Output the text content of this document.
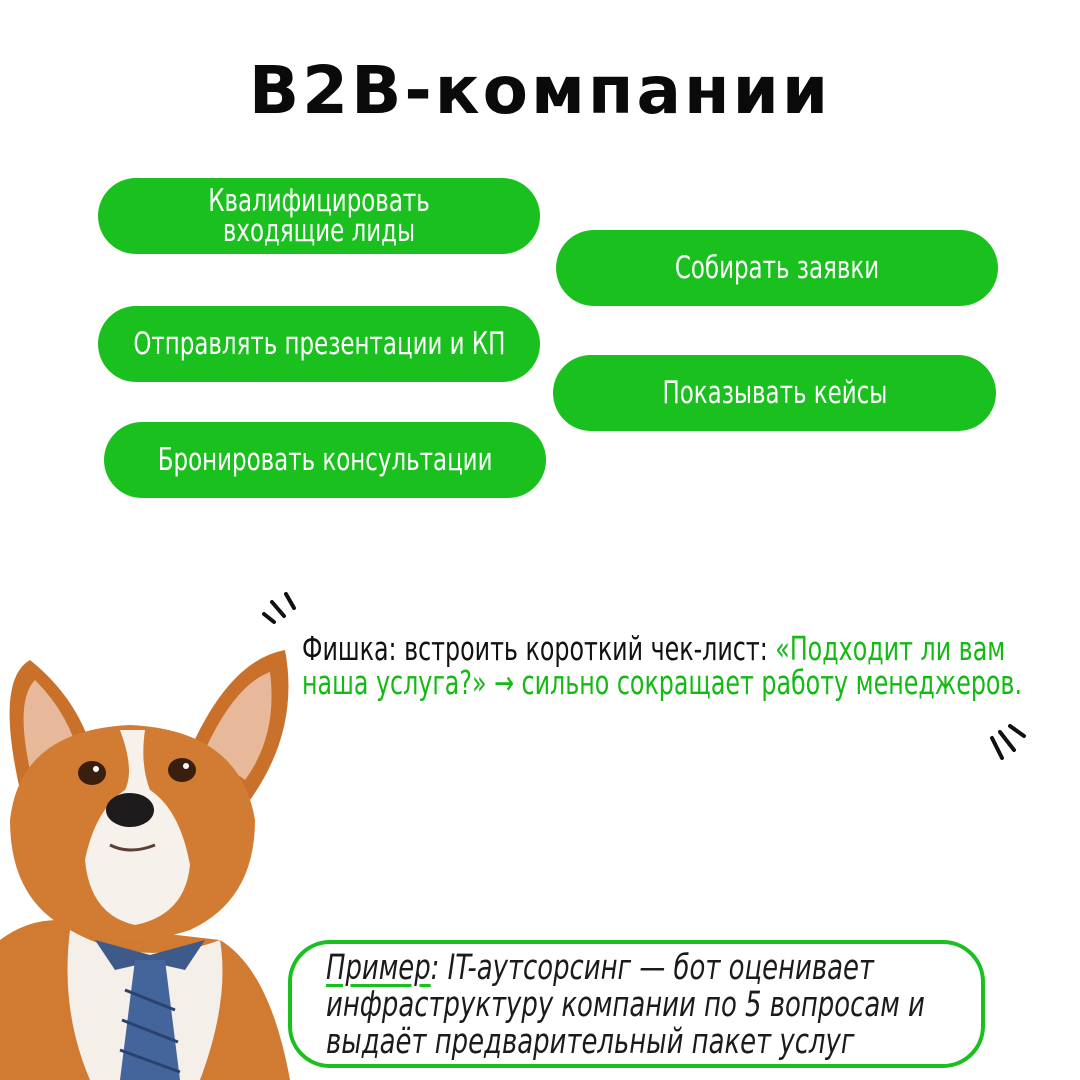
B2B-компании
Квалифицировать входящие лиды
Собирать заявки
Отправлять презентации и КП
Показывать кейсы
Бронировать консультации
Фишка: встроить короткий чек-лист: «Подходит ли вам наша услуга?» → сильно сокращает работу менеджеров.
Пример: IT-аутсорсинг — бот оценивает инфраструктуру компании по 5 вопросам и выдаёт предварительный пакет услуг
